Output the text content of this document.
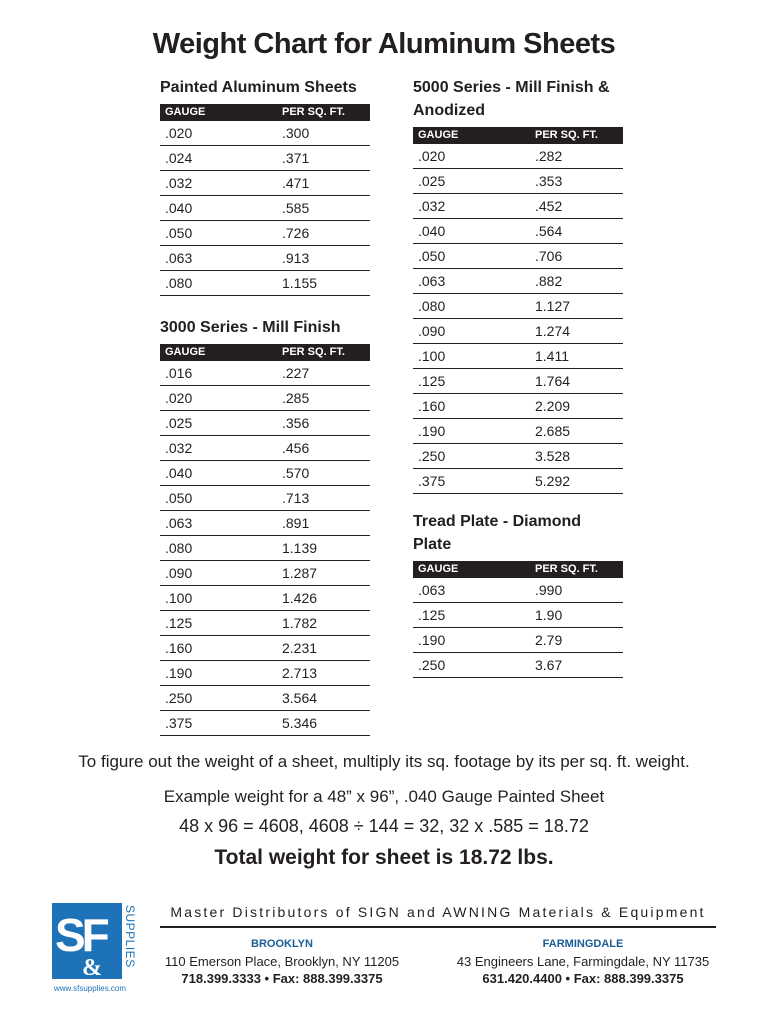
Weight Chart for Aluminum Sheets
Painted Aluminum Sheets
GAUGE	PER SQ. FT.
.020	.300
.024	.371
.032	.471
.040	.585
.050	.726
.063	.913
.080	1.155
3000 Series - Mill Finish
GAUGE	PER SQ. FT.
.016	.227
.020	.285
.025	.356
.032	.456
.040	.570
.050	.713
.063	.891
.080	1.139
.090	1.287
.100	1.426
.125	1.782
.160	2.231
.190	2.713
.250	3.564
.375	5.346
5000 Series - Mill Finish &
Anodized
GAUGE	PER SQ. FT.
.020	.282
.025	.353
.032	.452
.040	.564
.050	.706
.063	.882
.080	1.127
.090	1.274
.100	1.411
.125	1.764
.160	2.209
.190	2.685
.250	3.528
.375	5.292
Tread Plate - Diamond Plate
GAUGE	PER SQ. FT.
.063	.990
.125	1.90
.190	2.79
.250	3.67
To figure out the weight of a sheet, multiply its sq. footage by its per sq. ft. weight.
Example weight for a 48” x 96”, .040 Gauge Painted Sheet
48 x 96 = 4608, 4608 ÷ 144 = 32, 32 x .585 = 18.72
Total weight for sheet is 18.72 lbs.
SF
&
SUPPLIES
www.sfsupplies.com
Master Distributors of SIGN and AWNING Materials & Equipment
BROOKLYN
110 Emerson Place, Brooklyn, NY 11205
718.399.3333 • Fax: 888.399.3375
FARMINGDALE
43 Engineers Lane, Farmingdale, NY 11735
631.420.4400 • Fax: 888.399.3375
